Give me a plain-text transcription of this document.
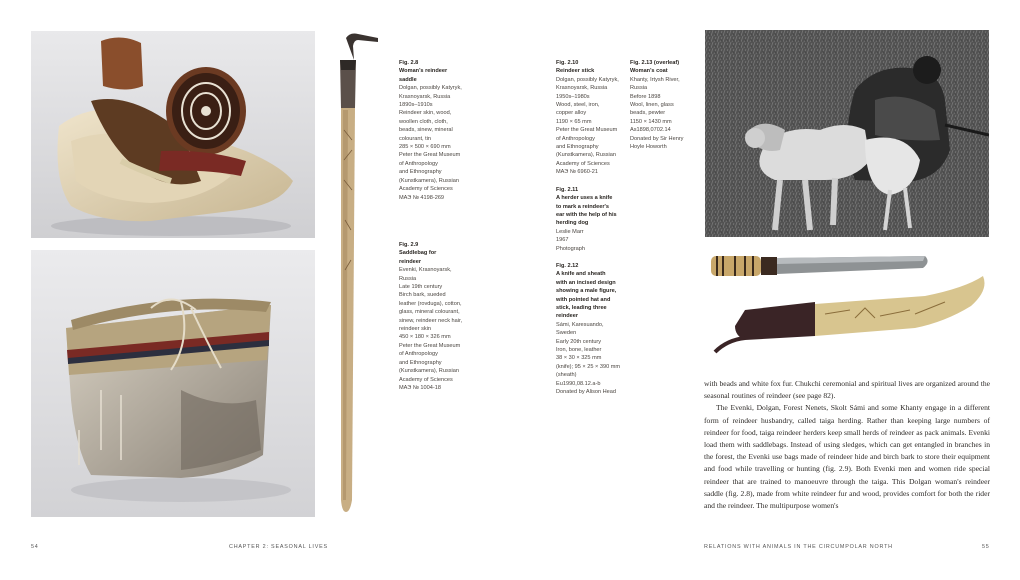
Fig. 2.8
Woman's reindeer
saddle
Dolgan, possibly Katyryk,
Krasnoyarsk, Russia
1890s–1910s
Reindeer skin, wood,
woollen cloth, cloth,
beads, sinew, mineral
colourant, tin
285 × 500 × 690 mm
Peter the Great Museum
of Anthropology
and Ethnography
(Kunstkamera), Russian
Academy of Sciences
МАЭ № 4198-269
Fig. 2.9
Saddlebag for
reindeer
Evenki, Krasnoyarsk,
Russia
Late 19th century
Birch bark, sueded
leather (rovdugа), cotton,
glass, mineral colourant,
sinew, reindeer neck hair,
reindeer skin
450 × 180 × 326 mm
Peter the Great Museum
of Anthropology
and Ethnography
(Kunstkamera), Russian
Academy of Sciences
МАЭ № 1004-18
54	CHAPTER 2: SEASONAL LIVES
Fig. 2.10
Reindeer stick
Dolgan, possibly Katyryk,
Krasnoyarsk, Russia
1950s–1980s
Wood, steel, iron,
copper alloy
1190 × 65 mm
Peter the Great Museum
of Anthropology
and Ethnography
(Kunstkamera), Russian
Academy of Sciences
МАЭ № 6960-21
Fig. 2.11
A herder uses a knife
to mark a reindeer's
ear with the help of his
herding dog
Leslie Marr
1967
Photograph
Fig. 2.12
A knife and sheath
with an incised design
showing a male figure,
with pointed hat and
stick, leading three
reindeer
Sámi, Karesuando,
Sweden
Early 20th century
Iron, bone, leather
38 × 30 × 325 mm
(knife); 95 × 25 × 390 mm
(sheath)
Eu1990,08.12.a-b
Donated by Alison Head
Fig. 2.13 (overleaf)
Woman's coat
Khanty, Irtysh River,
Russia
Before 1898
Wool, linen, glass
beads, pewter
1150 × 1430 mm
As1898,0702.14
Donated by Sir Henry
Hoyle Howorth

with beads and white fox fur. Chukchi ceremonial and spiritual lives are organized around the seasonal routines of reindeer (see page 82).

The Evenki, Dolgan, Forest Nenets, Skolt Sámi and some Khanty engage in a different form of reindeer husbandry, called taiga herding. Rather than keeping large numbers of reindeer for food, taiga reindeer herders keep small herds of reindeer as pack animals. Evenki load them with saddlebags. Instead of using sledges, which can get entangled in branches in the forest, the Evenki use bags made of reindeer hide and birch bark to store their equipment and food while travelling or hunting (fig. 2.9). Both Evenki men and women ride special reindeer that are trained to manoeuvre through the taiga. This Dolgan woman's reindeer saddle (fig. 2.8), made from white reindeer fur and wood, provides comfort for both the rider and the reindeer. The multipurpose women's

RELATIONS WITH ANIMALS IN THE CIRCUMPOLAR NORTH	55
